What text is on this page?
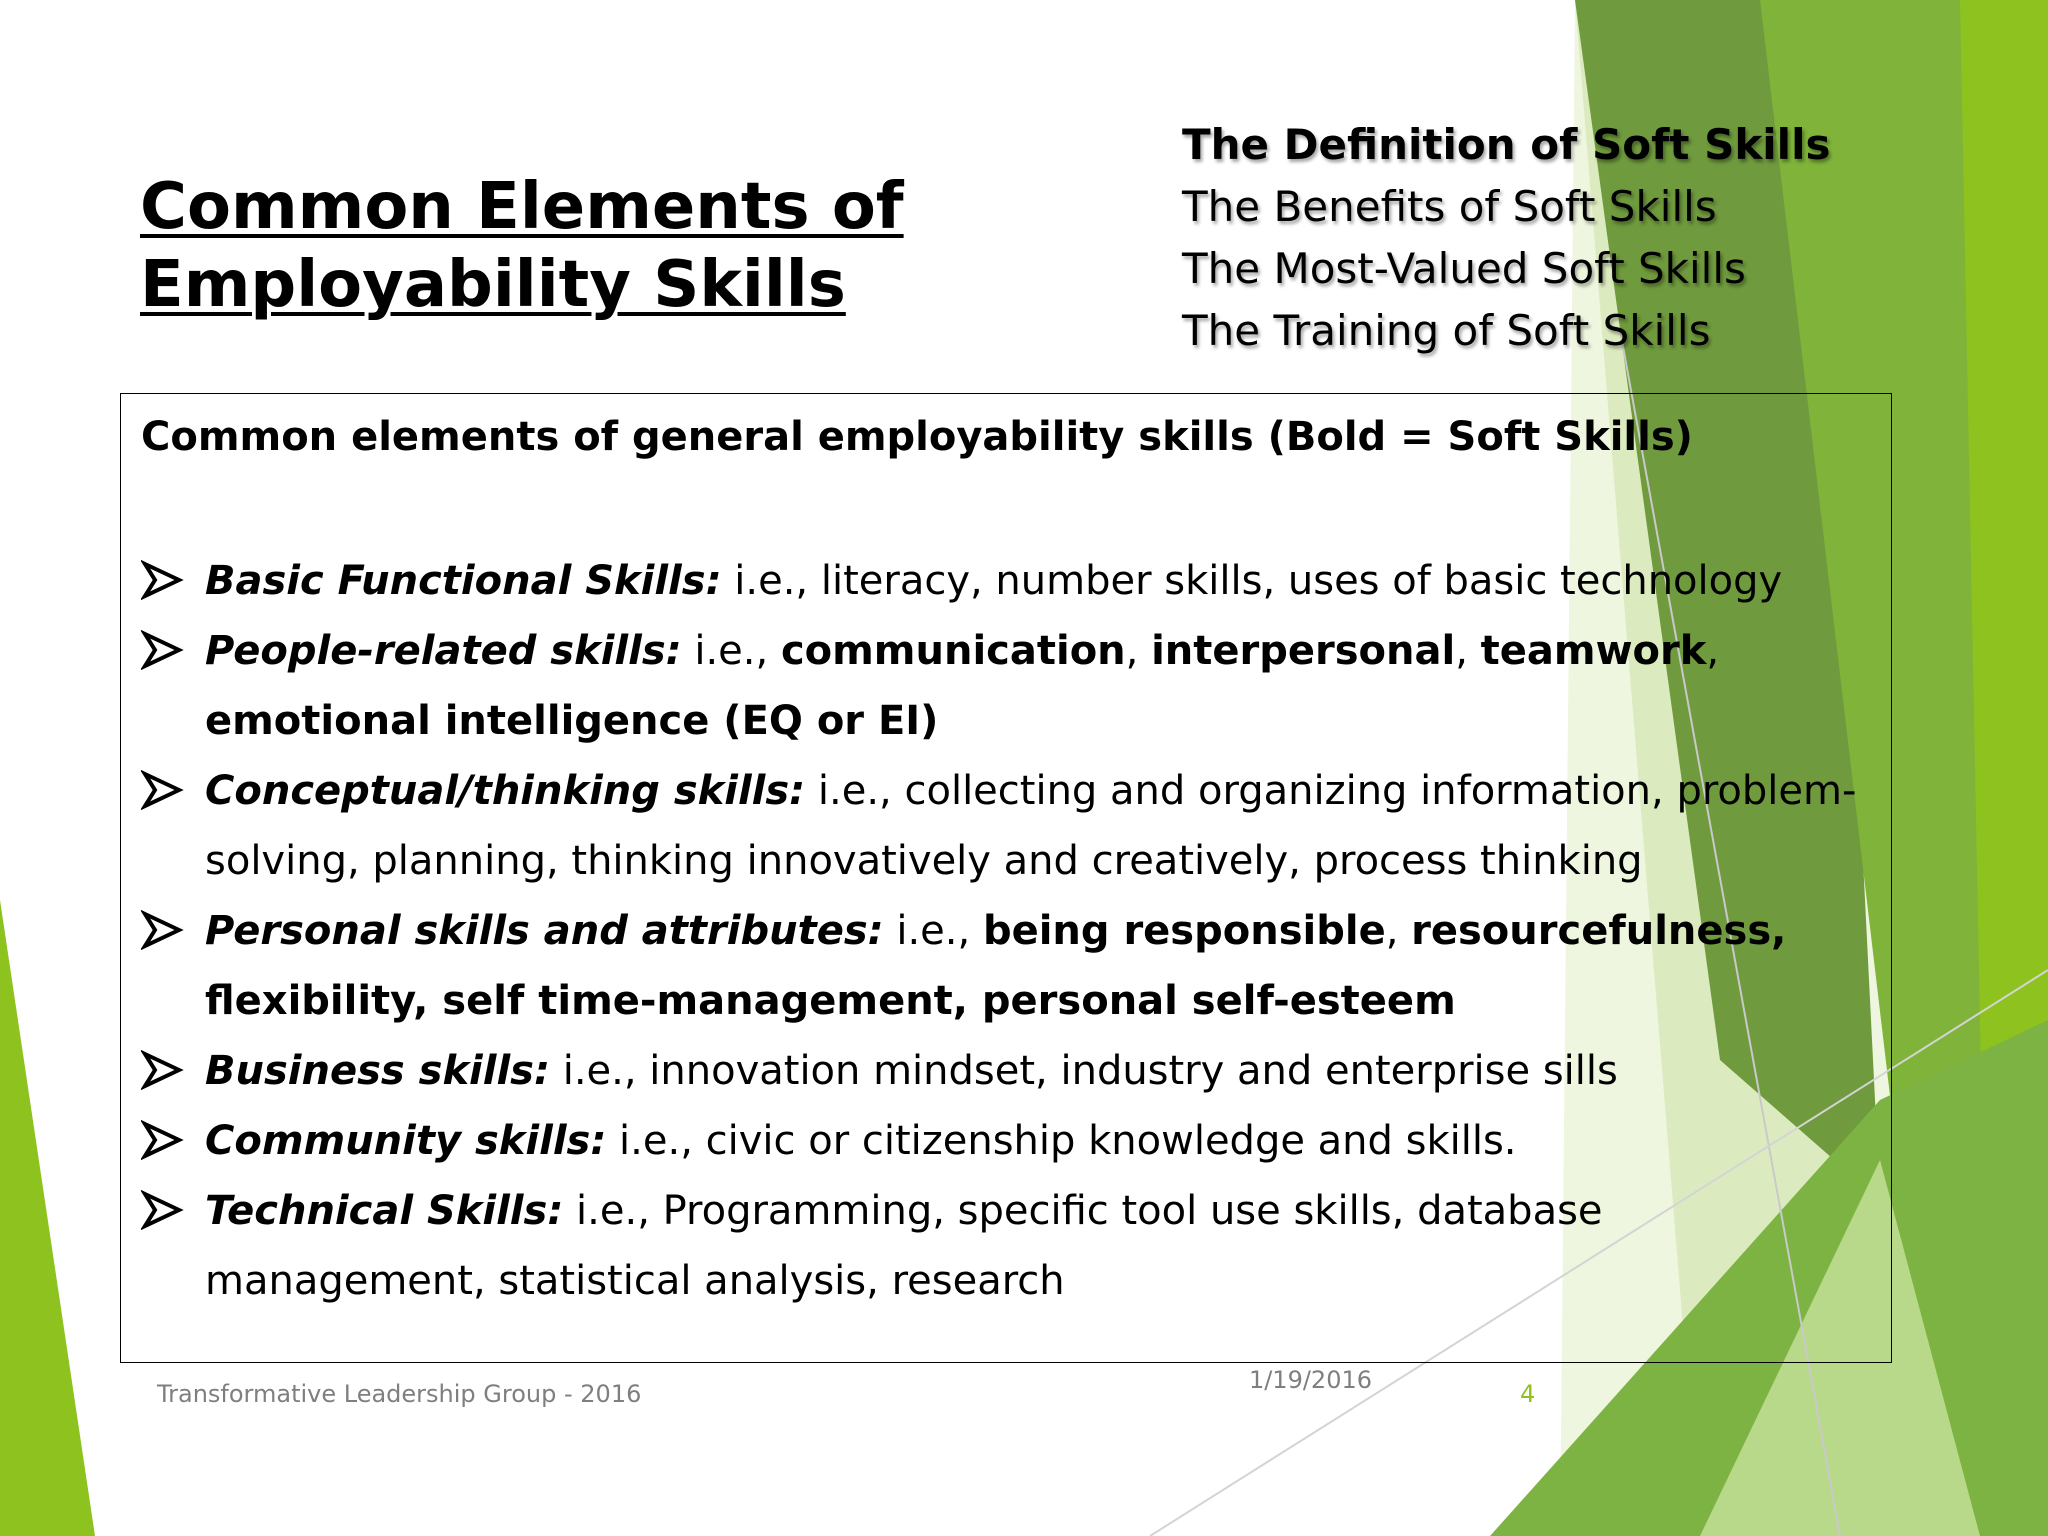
Common Elements of
Employability Skills
The Definition of Soft Skills
The Benefits of Soft Skills
The Most-Valued Soft Skills
The Training of Soft Skills
Common elements of general employability skills (Bold = Soft Skills)
Basic Functional Skills: i.e., literacy, number skills, uses of basic technology
People-related skills: i.e., communication, interpersonal, teamwork, emotional intelligence (EQ or EI)
Conceptual/thinking skills: i.e., collecting and organizing information, problem-solving, planning, thinking innovatively and creatively, process thinking
Personal skills and attributes: i.e., being responsible, resourcefulness, flexibility, self time-management, personal self-esteem
Business skills: i.e., innovation mindset, industry and enterprise sills
Community skills: i.e., civic or citizenship knowledge and skills.
Technical Skills: i.e., Programming, specific tool use skills, database management, statistical analysis, research
Transformative Leadership Group - 2016	1/19/2016	4
